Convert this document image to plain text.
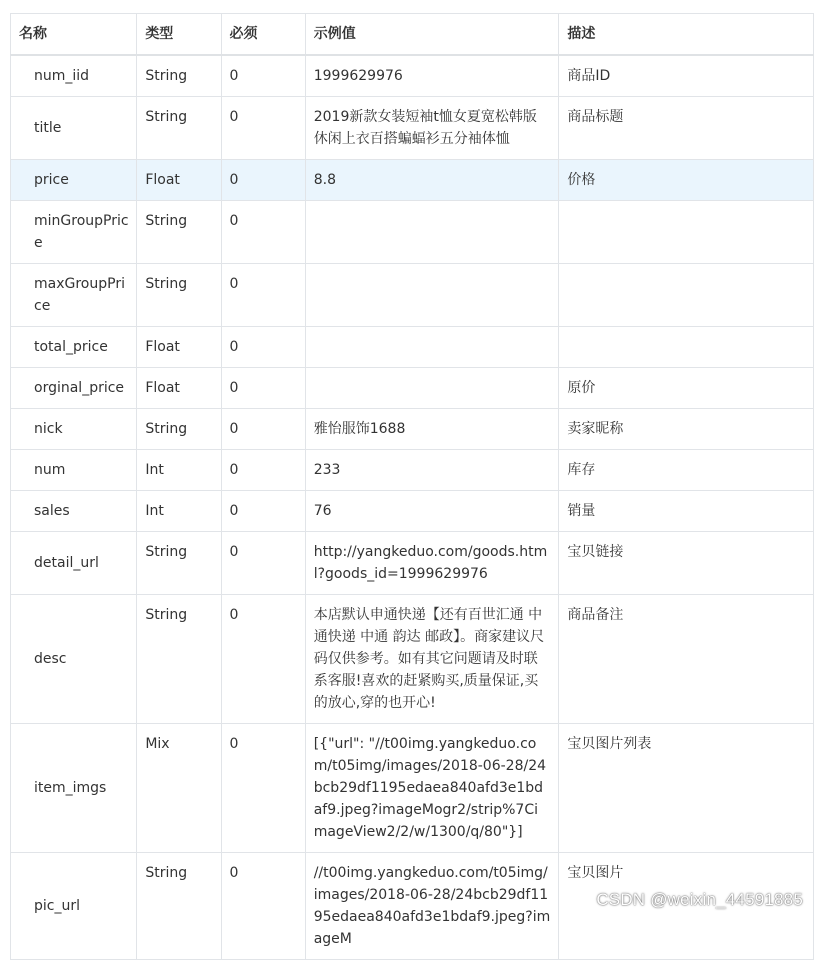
名称	类型	必须	示例值	描述
num_iid	String	0	1999629976	商品ID
title	String	0	2019新款女装短袖t恤女夏宽松韩版休闲上衣百搭蝙蝠衫五分袖体恤	商品标题
price	Float	0	8.8	价格
minGroupPrice	String	0		
maxGroupPrice	String	0		
total_price	Float	0		
orginal_price	Float	0		原价
nick	String	0	雅怡服饰1688	卖家昵称
num	Int	0	233	库存
sales	Int	0	76	销量
detail_url	String	0	http://yangkeduo.com/goods.html?goods_id=1999629976	宝贝链接
desc	String	0	本店默认申通快递【还有百世汇通 中通快递 中通 韵达 邮政】。商家建议尺码仅供参考。如有其它问题请及时联系客服!喜欢的赶紧购买,质量保证,买的放心,穿的也开心!	商品备注
item_imgs	Mix	0	[{"url": "//t00img.yangkeduo.com/t05img/images/2018-06-28/24bcb29df1195edaea840afd3e1bdaf9.jpeg?imageMogr2/strip%7CimageView2/2/w/1300/q/80"}]	宝贝图片列表
pic_url	String	0	//t00img.yangkeduo.com/t05img/images/2018-06-28/24bcb29df1195edaea840afd3e1bdaf9.jpeg?imageM	宝贝图片
CSDN @weixin_44591885
